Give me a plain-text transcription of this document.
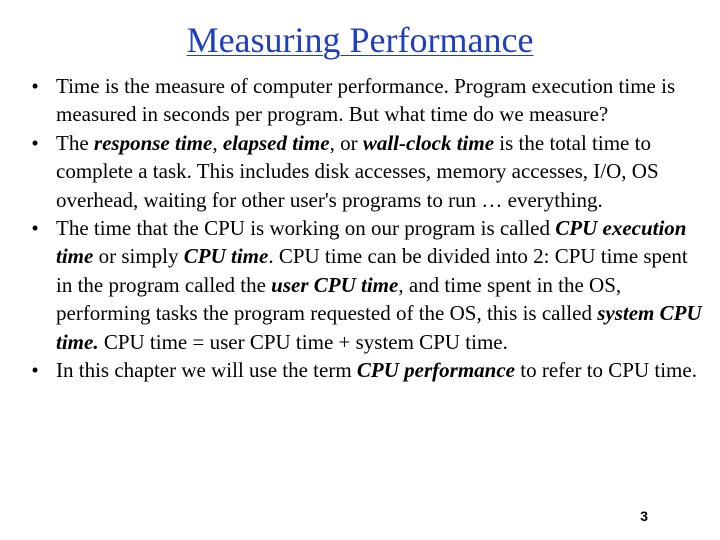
Measuring Performance
• Time is the measure of computer performance. Program execution time is measured in seconds per program. But what time do we measure?
• The response time, elapsed time, or wall-clock time is the total time to complete a task. This includes disk accesses, memory accesses, I/O, OS overhead, waiting for other user's programs to run … everything.
• The time that the CPU is working on our program is called CPU execution time or simply CPU time. CPU time can be divided into 2: CPU time spent in the program called the user CPU time, and time spent in the OS, performing tasks the program requested of the OS, this is called system CPU time. CPU time = user CPU time + system CPU time.
• In this chapter we will use the term CPU performance to refer to CPU time.
3
